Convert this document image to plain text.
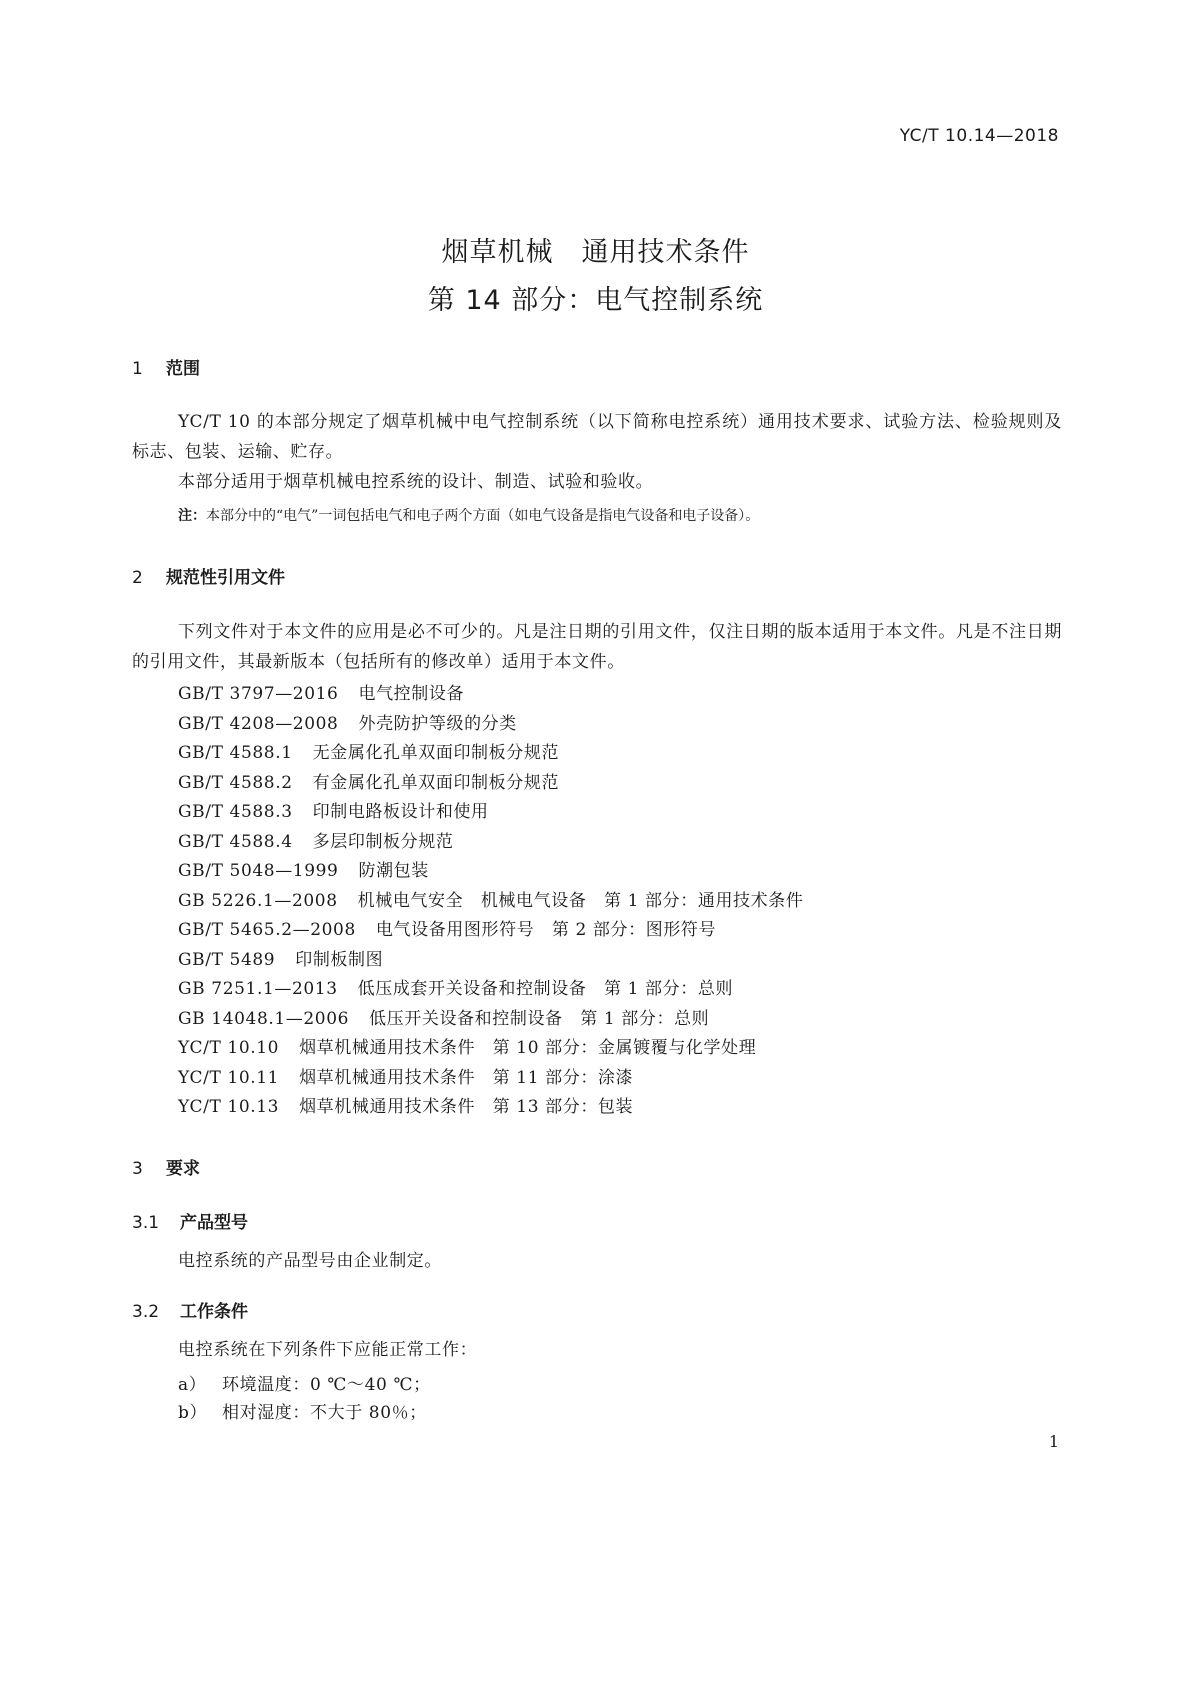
YC/T 10.14—2018
烟草机械　通用技术条件
第 14 部分：电气控制系统
1 范围
YC/T 10 的本部分规定了烟草机械中电气控制系统（以下简称电控系统）通用技术要求、试验方法、检验规则及标志、包装、运输、贮存。
本部分适用于烟草机械电控系统的设计、制造、试验和验收。
注：本部分中的“电气”一词包括电气和电子两个方面（如电气设备是指电气设备和电子设备）。
2 规范性引用文件
下列文件对于本文件的应用是必不可少的。凡是注日期的引用文件，仅注日期的版本适用于本文件。凡是不注日期的引用文件，其最新版本（包括所有的修改单）适用于本文件。
GB/T 3797—2016 电气控制设备
GB/T 4208—2008 外壳防护等级的分类
GB/T 4588.1 无金属化孔单双面印制板分规范
GB/T 4588.2 有金属化孔单双面印制板分规范
GB/T 4588.3 印制电路板设计和使用
GB/T 4588.4 多层印制板分规范
GB/T 5048—1999 防潮包装
GB 5226.1—2008 机械电气安全　机械电气设备　第 1 部分：通用技术条件
GB/T 5465.2—2008 电气设备用图形符号　第 2 部分：图形符号
GB/T 5489 印制板制图
GB 7251.1—2013 低压成套开关设备和控制设备　第 1 部分：总则
GB 14048.1—2006 低压开关设备和控制设备　第 1 部分：总则
YC/T 10.10 烟草机械通用技术条件　第 10 部分：金属镀覆与化学处理
YC/T 10.11 烟草机械通用技术条件　第 11 部分：涂漆
YC/T 10.13 烟草机械通用技术条件　第 13 部分：包装
3 要求
3.1 产品型号
电控系统的产品型号由企业制定。
3.2 工作条件
电控系统在下列条件下应能正常工作：
a） 环境温度：0 ℃～40 ℃；
b） 相对湿度：不大于 80％；
1
